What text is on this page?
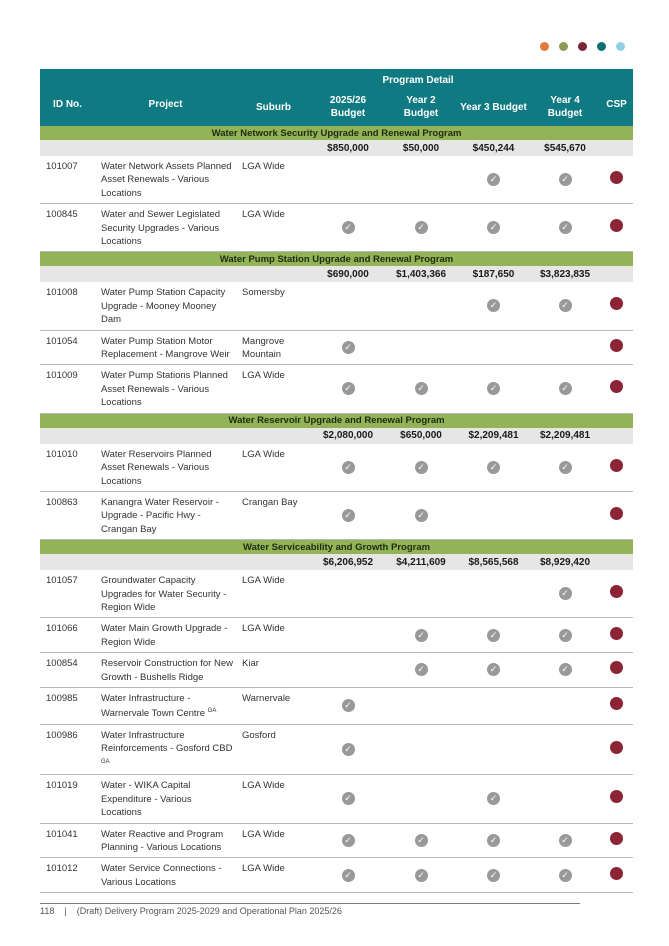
ID No.	Project	Program Detail					CSP
		Suburb	2025/26 Budget	Year 2 Budget	Year 3 Budget	Year 4 Budget	
Water Network Security Upgrade and Renewal Program							
			$850,000	$50,000	$450,244	$545,670	
101007	Water Network Assets Planned Asset Renewals - Various Locations	LGA Wide			✓	✓	
100845	Water and Sewer Legislated Security Upgrades - Various Locations	LGA Wide	✓	✓	✓	✓	
Water Pump Station Upgrade and Renewal Program							
			$690,000	$1,403,366	$187,650	$3,823,835	
101008	Water Pump Station Capacity Upgrade - Mooney Mooney Dam	Somersby			✓	✓	
101054	Water Pump Station Motor Replacement - Mangrove Weir	Mangrove Mountain	✓				
101009	Water Pump Stations Planned Asset Renewals - Various Locations	LGA Wide	✓	✓	✓	✓	
Water Reservoir Upgrade and Renewal Program							
			$2,080,000	$650,000	$2,209,481	$2,209,481	
101010	Water Reservoirs Planned Asset Renewals - Various Locations	LGA Wide	✓	✓	✓	✓	
100863	Kanangra Water Reservoir - Upgrade - Pacific Hwy - Crangan Bay	Crangan Bay	✓	✓			
Water Serviceability and Growth Program							
			$6,206,952	$4,211,609	$8,565,568	$8,929,420	
101057	Groundwater Capacity Upgrades for Water Security - Region Wide	LGA Wide				✓	
101066	Water Main Growth Upgrade - Region Wide	LGA Wide		✓	✓	✓	
100854	Reservoir Construction for New Growth - Bushells Ridge	Kiar		✓	✓	✓	
100985	Water Infrastructure - Warnervale Town Centre $^{GA}$	Warnervale	✓				
100986	Water Infrastructure Reinforcements - Gosford CBD $^{GA}$	Gosford	✓				
101019	Water - WIKA Capital Expenditure - Various Locations	LGA Wide	✓		✓		
101041	Water Reactive and Program Planning - Various Locations	LGA Wide	✓	✓	✓	✓	
101012	Water Service Connections - Various Locations	LGA Wide	✓	✓	✓	✓	
118 | (Draft) Delivery Program 2025-2029 and Operational Plan 2025/26
